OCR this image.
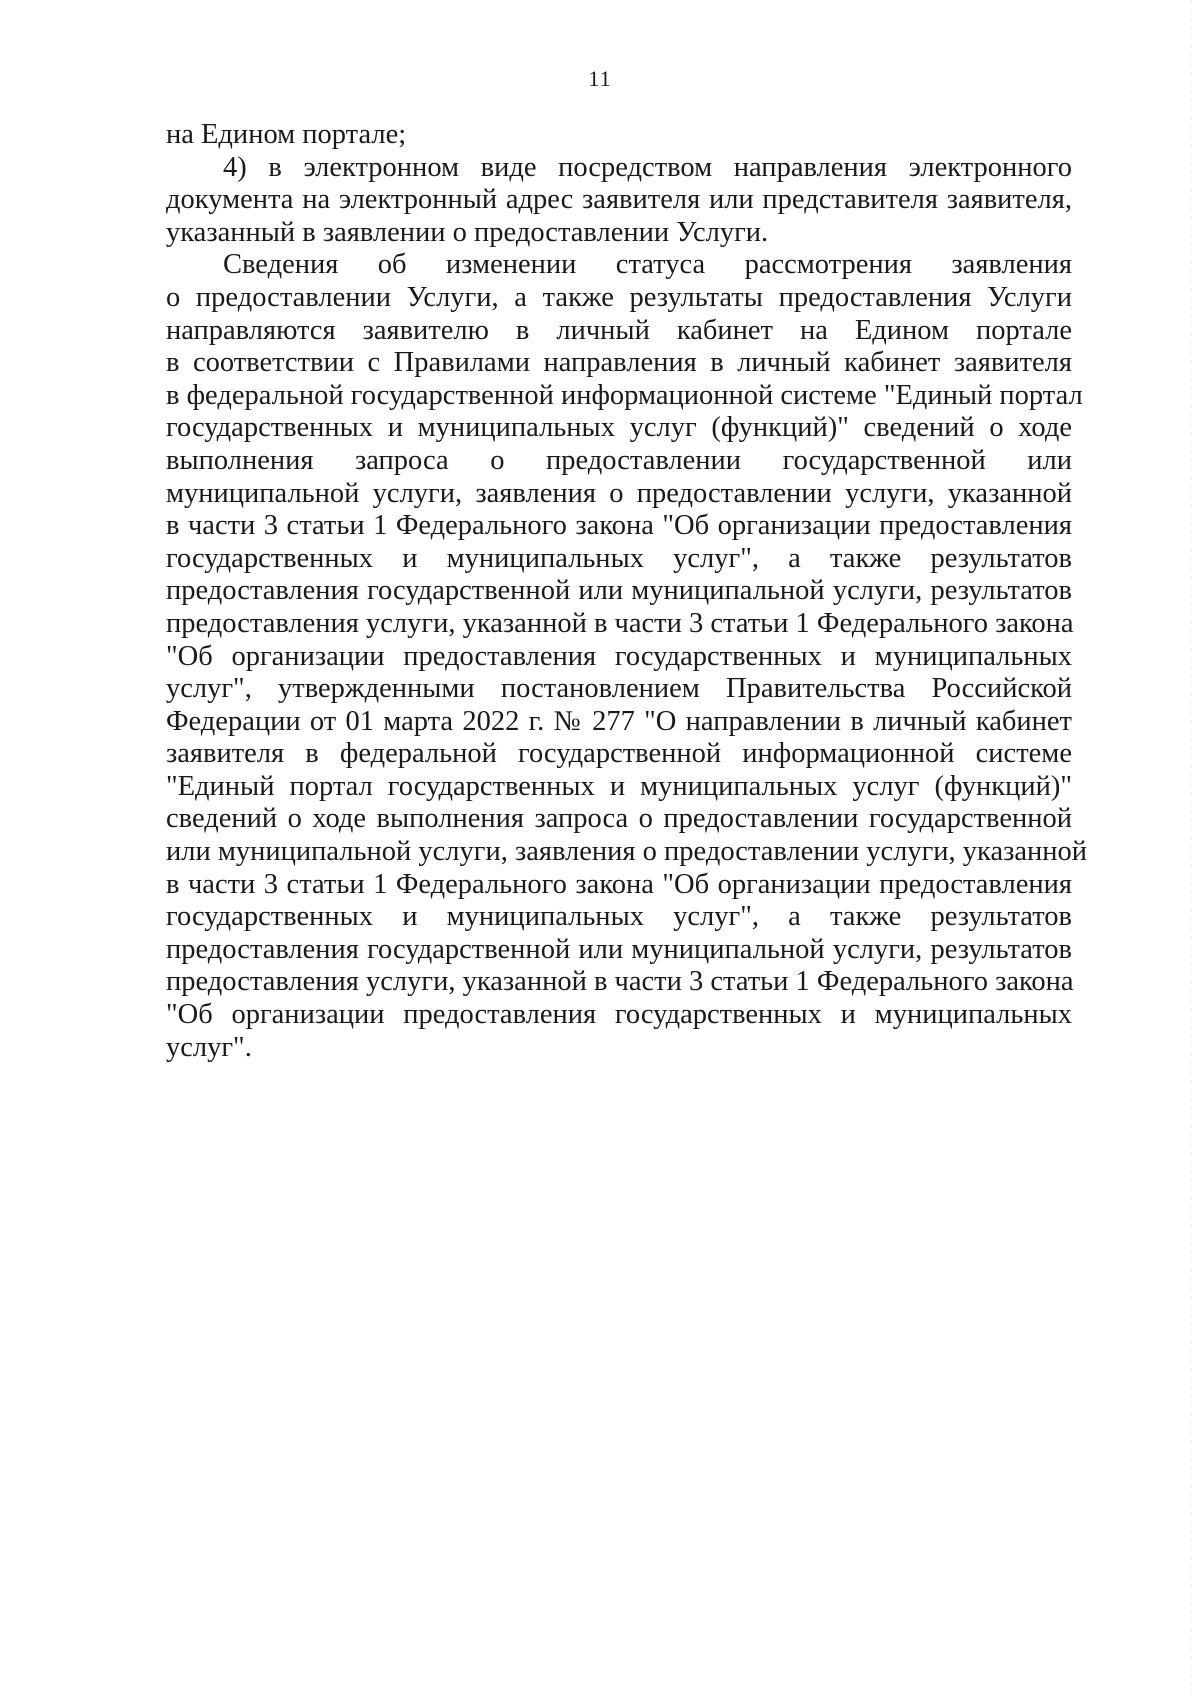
11

на Едином портале;

4) в электронном виде посредством направления электронного
документа на электронный адрес заявителя или представителя заявителя,
указанный в заявлении о предоставлении Услуги.

Сведения об изменении статуса рассмотрения заявления
о предоставлении Услуги, а также результаты предоставления Услуги
направляются заявителю в личный кабинет на Едином портале
в соответствии с Правилами направления в личный кабинет заявителя
в федеральной государственной информационной системе "Единый портал
государственных и муниципальных услуг (функций)" сведений о ходе
выполнения запроса о предоставлении государственной или
муниципальной услуги, заявления о предоставлении услуги, указанной
в части 3 статьи 1 Федерального закона "Об организации предоставления
государственных и муниципальных услуг", а также результатов
предоставления государственной или муниципальной услуги, результатов
предоставления услуги, указанной в части 3 статьи 1 Федерального закона
"Об организации предоставления государственных и муниципальных
услуг", утвержденными постановлением Правительства Российской
Федерации от 01 марта 2022 г. № 277 "О направлении в личный кабинет
заявителя в федеральной государственной информационной системе
"Единый портал государственных и муниципальных услуг (функций)"
сведений о ходе выполнения запроса о предоставлении государственной
или муниципальной услуги, заявления о предоставлении услуги, указанной
в части 3 статьи 1 Федерального закона "Об организации предоставления
государственных и муниципальных услуг", а также результатов
предоставления государственной или муниципальной услуги, результатов
предоставления услуги, указанной в части 3 статьи 1 Федерального закона
"Об организации предоставления государственных и муниципальных
услуг".
